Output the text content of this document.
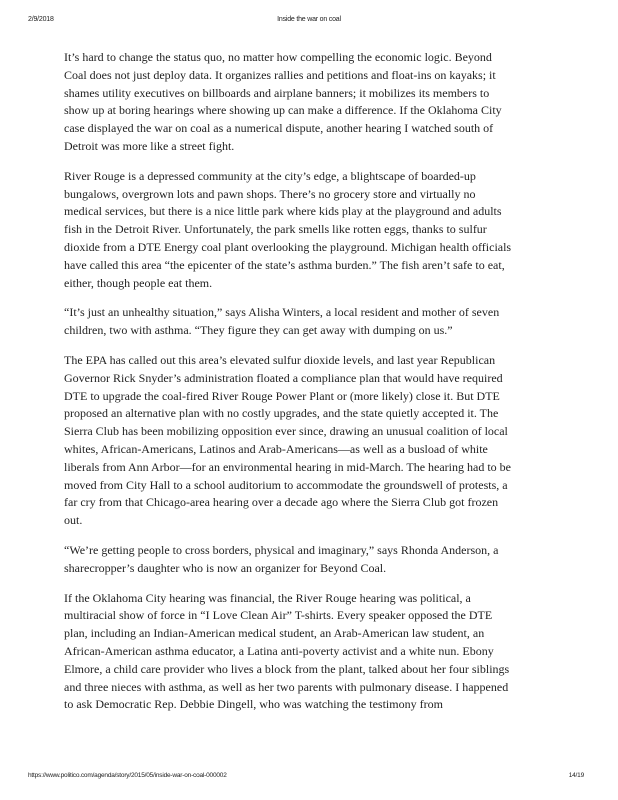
2/9/2018	Inside the war on coal

It’s hard to change the status quo, no matter how compelling the economic logic. Beyond Coal does not just deploy data. It organizes rallies and petitions and float-ins on kayaks; it shames utility executives on billboards and airplane banners; it mobilizes its members to show up at boring hearings where showing up can make a difference. If the Oklahoma City case displayed the war on coal as a numerical dispute, another hearing I watched south of Detroit was more like a street fight.

River Rouge is a depressed community at the city’s edge, a blightscape of boarded-up bungalows, overgrown lots and pawn shops. There’s no grocery store and virtually no medical services, but there is a nice little park where kids play at the playground and adults fish in the Detroit River. Unfortunately, the park smells like rotten eggs, thanks to sulfur dioxide from a DTE Energy coal plant overlooking the playground. Michigan health officials have called this area “the epicenter of the state’s asthma burden.” The fish aren’t safe to eat, either, though people eat them.

“It’s just an unhealthy situation,” says Alisha Winters, a local resident and mother of seven children, two with asthma. “They figure they can get away with dumping on us.”

The EPA has called out this area’s elevated sulfur dioxide levels, and last year Republican Governor Rick Snyder’s administration floated a compliance plan that would have required DTE to upgrade the coal-fired River Rouge Power Plant or (more likely) close it. But DTE proposed an alternative plan with no costly upgrades, and the state quietly accepted it. The Sierra Club has been mobilizing opposition ever since, drawing an unusual coalition of local whites, African-Americans, Latinos and Arab-Americans—as well as a busload of white liberals from Ann Arbor—for an environmental hearing in mid-March. The hearing had to be moved from City Hall to a school auditorium to accommodate the groundswell of protests, a far cry from that Chicago-area hearing over a decade ago where the Sierra Club got frozen out.

“We’re getting people to cross borders, physical and imaginary,” says Rhonda Anderson, a sharecropper’s daughter who is now an organizer for Beyond Coal.

If the Oklahoma City hearing was financial, the River Rouge hearing was political, a multiracial show of force in “I Love Clean Air” T-shirts. Every speaker opposed the DTE plan, including an Indian-American medical student, an Arab-American law student, an African-American asthma educator, a Latina anti-poverty activist and a white nun. Ebony Elmore, a child care provider who lives a block from the plant, talked about her four siblings and three nieces with asthma, as well as her two parents with pulmonary disease. I happened to ask Democratic Rep. Debbie Dingell, who was watching the testimony from

https://www.politico.com/agenda/story/2015/05/inside-war-on-coal-000002	14/19
